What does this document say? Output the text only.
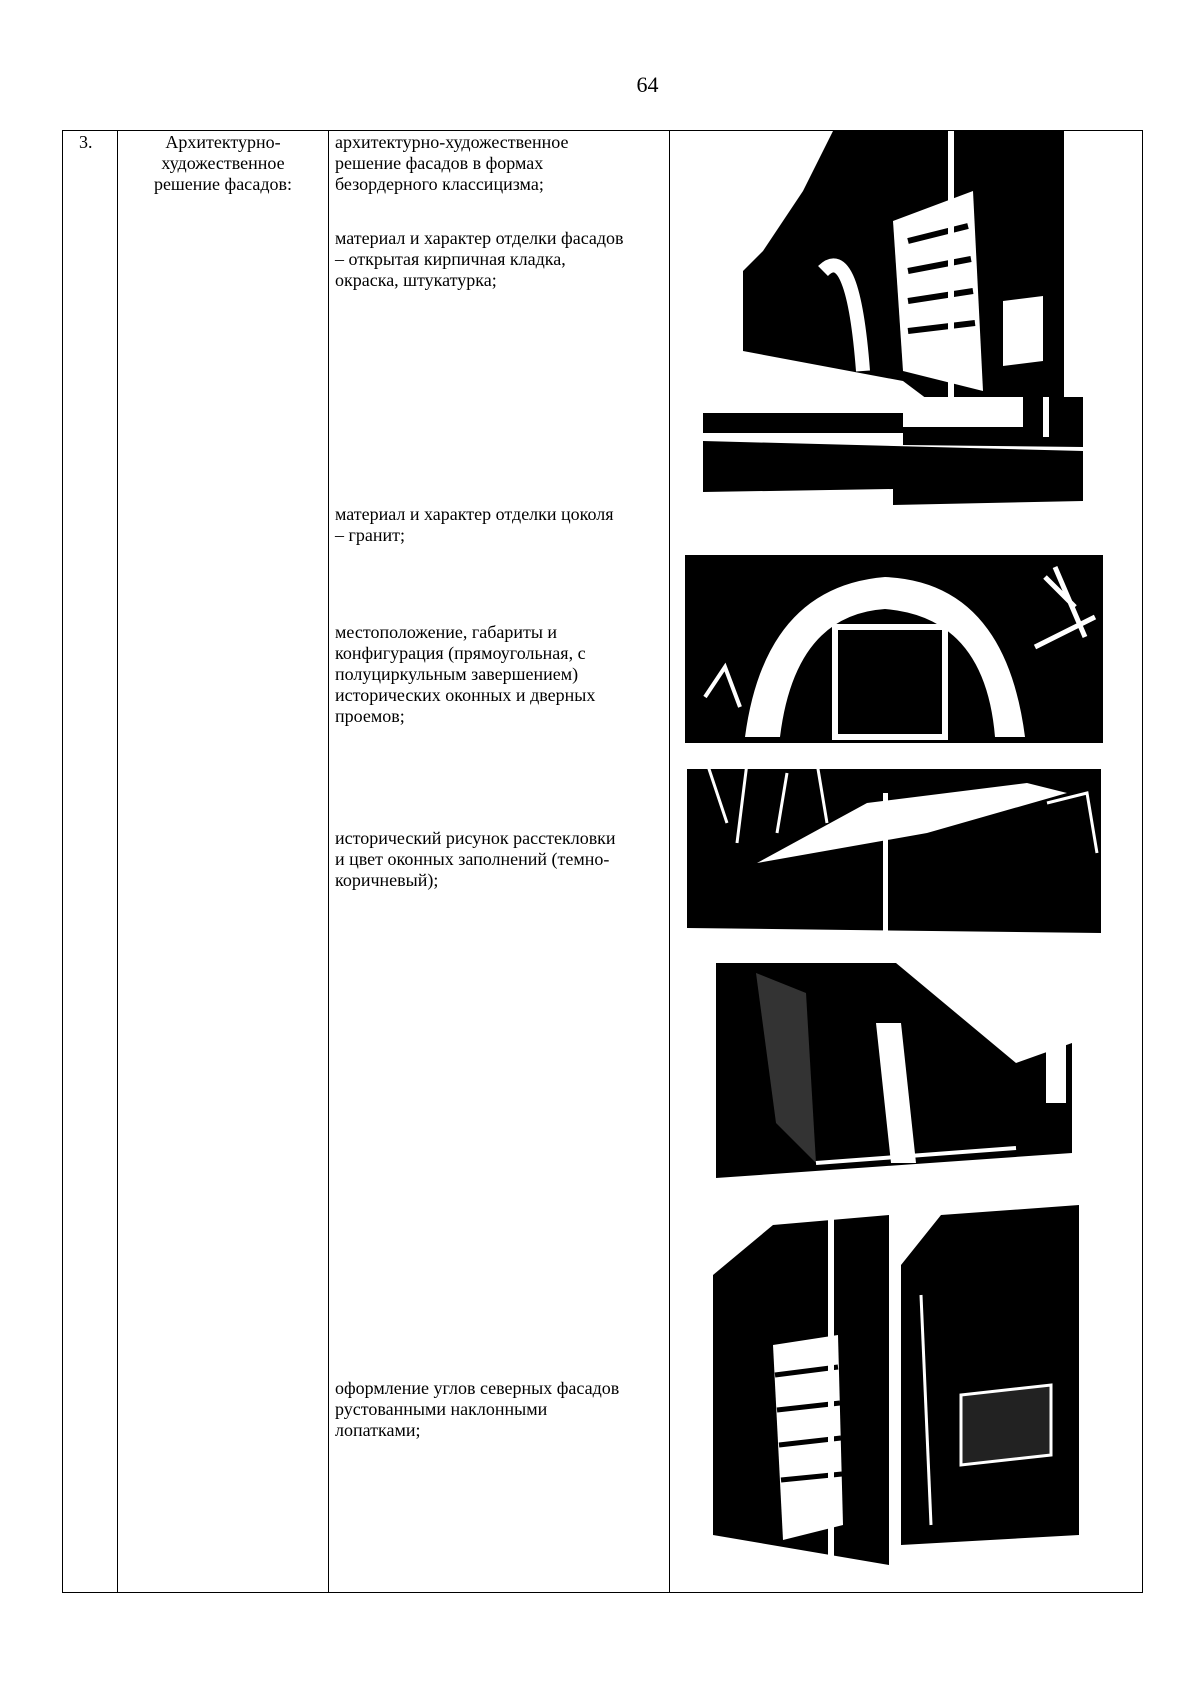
64
3.	Архитектурно-
художественное
решение фасадов:
архитектурно-художественное
решение фасадов в формах
безордерного классицизма;
материал и характер отделки фасадов
– открытая кирпичная кладка,
окраска, штукатурка;
материал и характер отделки цоколя
– гранит;
местоположение, габариты и
конфигурация (прямоугольная, с
полуциркульным завершением)
исторических оконных и дверных
проемов;
исторический рисунок расстекловки
и цвет оконных заполнений (темно-
коричневый);
оформление углов северных фасадов
рустованными наклонными
лопатками;
